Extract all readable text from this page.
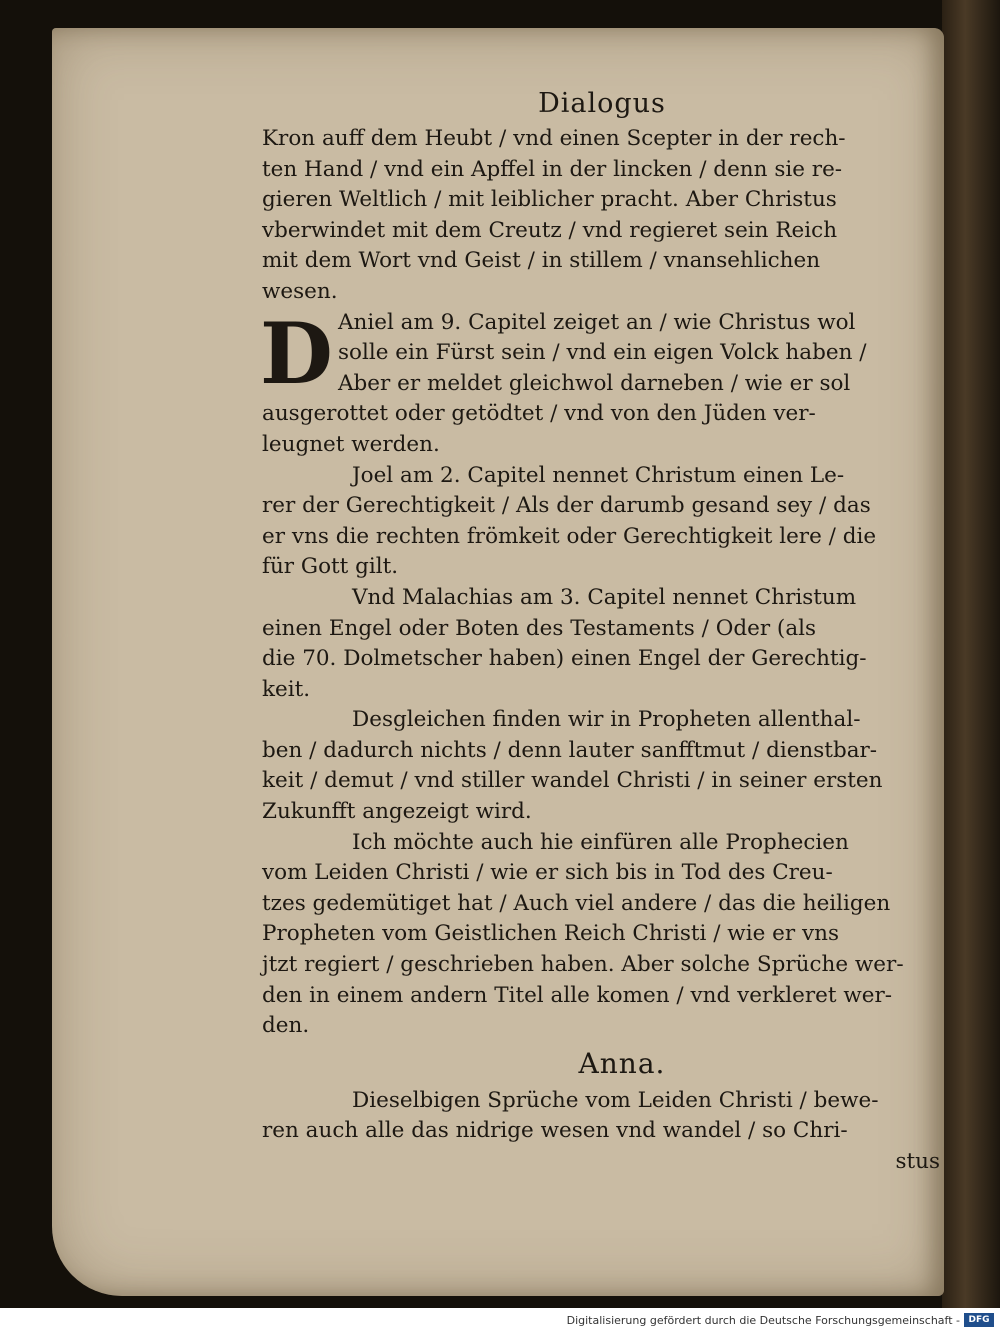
Dialogus

Kron auff dem Heubt / vnd einen Scepter in der rech-
ten Hand / vnd ein Apffel in der lincken / denn sie re-
gieren Weltlich / mit leiblicher pracht. Aber Christus
vberwindet mit dem Creutz / vnd regieret sein Reich
mit dem Wort vnd Geist / in stillem / vnansehlichen
wesen.

D Aniel am 9. Capitel zeiget an / wie Christus wol
solle ein Fürst sein / vnd ein eigen Volck haben /
Aber er meldet gleichwol darneben / wie er sol
ausgerottet oder getödtet / vnd von den Jüden ver-
leugnet werden.

Joel am 2. Capitel nennet Christum einen Le-
rer der Gerechtigkeit / Als der darumb gesand sey / das
er vns die rechten frömkeit oder Gerechtigkeit lere / die
für Gott gilt.

Vnd Malachias am 3. Capitel nennet Christum
einen Engel oder Boten des Testaments / Oder (als
die 70. Dolmetscher haben) einen Engel der Gerechtig-
keit.

Desgleichen finden wir in Propheten allenthal-
ben / dadurch nichts / denn lauter sanfftmut / dienstbar-
keit / demut / vnd stiller wandel Christi / in seiner ersten
Zukunfft angezeigt wird.

Ich möchte auch hie einfüren alle Prophecien
vom Leiden Christi / wie er sich bis in Tod des Creu-
tzes gedemütiget hat / Auch viel andere / das die heiligen
Propheten vom Geistlichen Reich Christi / wie er vns
jtzt regiert / geschrieben haben. Aber solche Sprüche wer-
den in einem andern Titel alle komen / vnd verkleret wer-
den.

Anna.

Dieselbigen Sprüche vom Leiden Christi / bewe-
ren auch alle das nidrige wesen vnd wandel / so Chri-

stus
Digitalisierung gefördert durch die Deutsche Forschungsgemeinschaft - DFG
